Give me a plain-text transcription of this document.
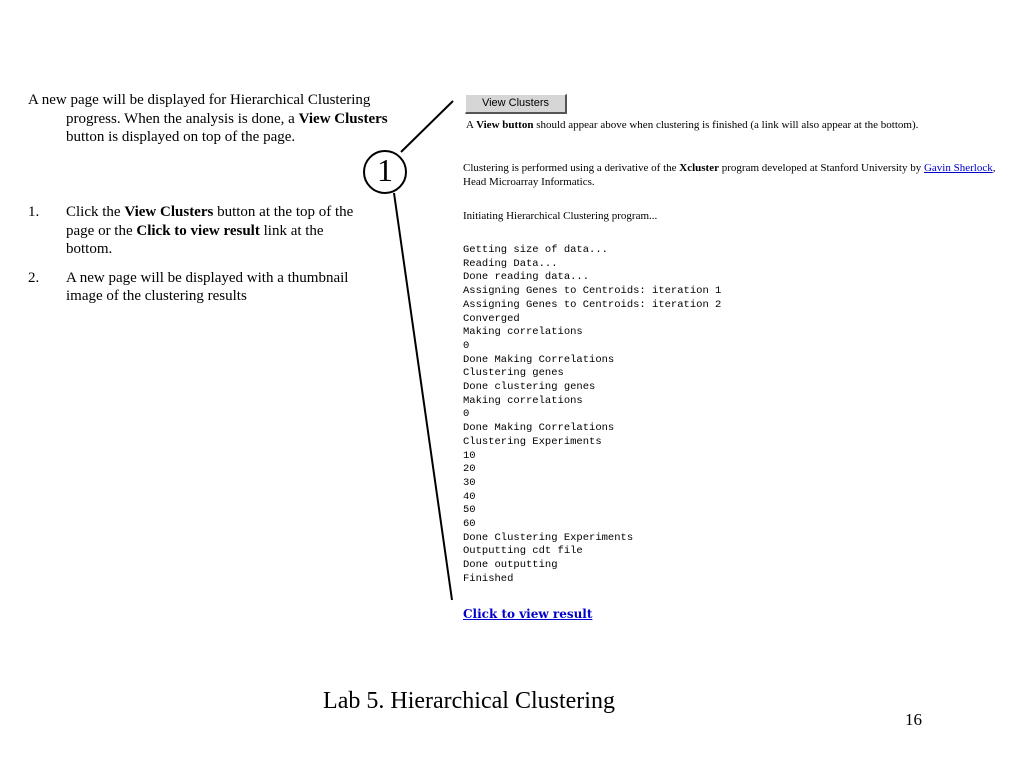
A new page will be displayed for Hierarchical Clustering progress. When the analysis is done, a View Clusters button is displayed on top of the page.
1. Click the View Clusters button at the top of the page or the Click to view result link at the bottom.
2. A new page will be displayed with a thumbnail image of the clustering results
1
View Clusters
A View button should appear above when clustering is finished (a link will also appear at the bottom).
Clustering is performed using a derivative of the Xcluster program developed at Stanford University by Gavin Sherlock, Head Microarray Informatics.
Initiating Hierarchical Clustering program...
Getting size of data...
Reading Data...
Done reading data...
Assigning Genes to Centroids: iteration 1
Assigning Genes to Centroids: iteration 2
Converged
Making correlations
0
Done Making Correlations
Clustering genes
Done clustering genes
Making correlations
0
Done Making Correlations
Clustering Experiments
10
20
30
40
50
60
Done Clustering Experiments
Outputting cdt file
Done outputting
Finished
Click to view result
Lab 5. Hierarchical Clustering
16
